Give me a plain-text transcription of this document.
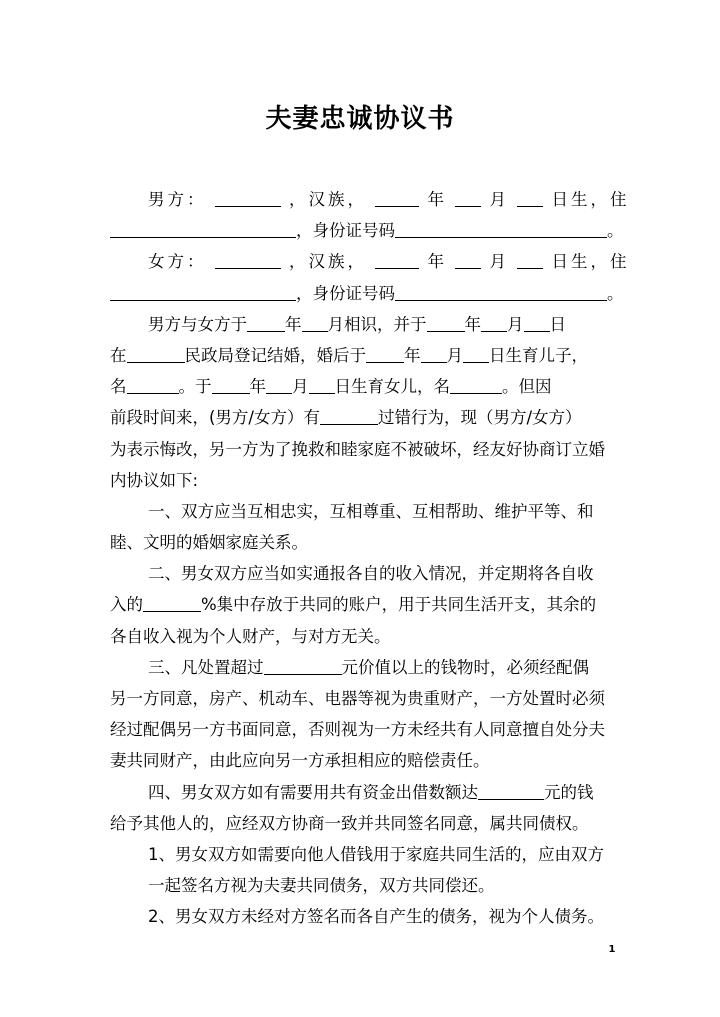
夫妻忠诚协议书
男方：	，汉族，	年	月	日生，住
，身份证号码	。
女方：	，汉族，	年	月	日生，住
，身份证号码	。
男方与女方于 年 月相识，并于 年 月 日
在	民政局登记结婚，婚后于 年 月 日生育儿子，
名	。于 年 月 日生育女儿，名	。但因
前段时间来，(男方/女方）有	过错行为，现（男方/女方）
为表示悔改，另一方为了挽救和睦家庭不被破坏，经友好协商订立婚
内协议如下:
一、双方应当互相忠实，互相尊重、互相帮助、维护平等、和
睦、文明的婚姻家庭关系。
二、男女双方应当如实通报各自的收入情况，并定期将各自收
入的	%集中存放于共同的账户，用于共同生活开支，其余的
各自收入视为个人财产，与对方无关。
三、凡处置超过	元价值以上的钱物时，必须经配偶
另一方同意，房产、机动车、电器等视为贵重财产，一方处置时必须
经过配偶另一方书面同意，否则视为一方未经共有人同意擅自处分夫
妻共同财产，由此应向另一方承担相应的赔偿责任。
四、男女双方如有需要用共有资金出借数额达	元的钱
给予其他人的，应经双方协商一致并共同签名同意，属共同债权。
1、男女双方如需要向他人借钱用于家庭共同生活的，应由双方
一起签名方视为夫妻共同债务，双方共同偿还。
2、男女双方未经对方签名而各自产生的债务，视为个人债务。
1
